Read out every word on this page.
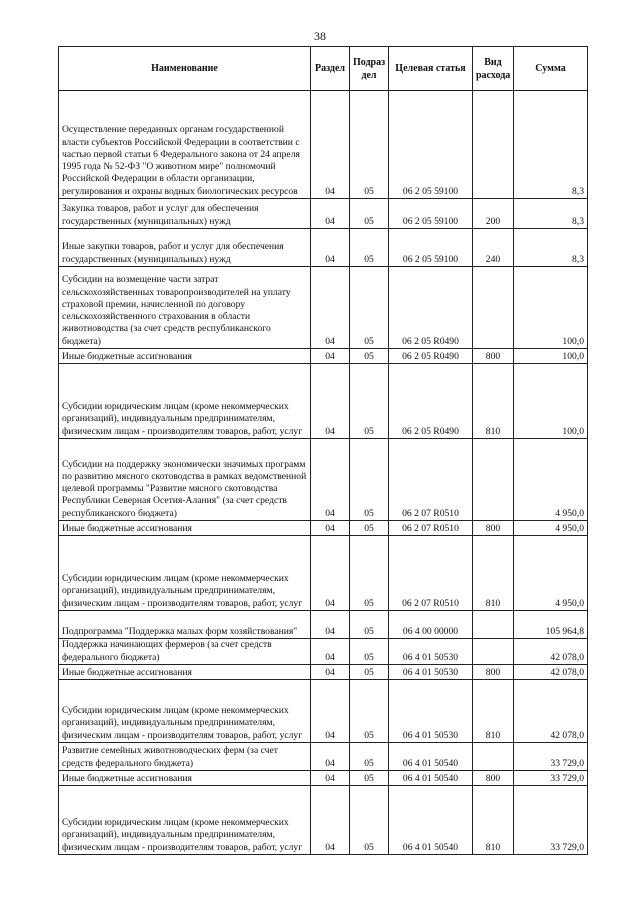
38
Наименование	Раздел	Подраз дел	Целевая статья	Вид расхода	Сумма
Осуществление переданных органам государственной власти субъектов Российской Федерации в соответствии с частью первой статьи 6 Федерального закона от 24 апреля 1995 года № 52-ФЗ "О животном мире" полномочий Российской Федерации в области организации, регулирования и охраны водных биологических ресурсов	04	05	06 2 05 59100		8,3
Закупка товаров, работ и услуг для обеспечения государственных (муниципальных) нужд	04	05	06 2 05 59100	200	8,3
Иные закупки товаров, работ и услуг для обеспечения государственных (муниципальных) нужд	04	05	06 2 05 59100	240	8,3
Субсидии на возмещение части затрат сельскохозяйственных товаропроизводителей на уплату страховой премии, начисленной по договору сельскохозяйственного страхования в области животноводства (за счет средств республиканского бюджета)	04	05	06 2 05 R0490		100,0
Иные бюджетные ассигнования	04	05	06 2 05 R0490	800	100,0
Субсидии юридическим лицам (кроме некоммерческих организаций), индивидуальным предпринимателям, физическим лицам - производителям товаров, работ, услуг	04	05	06 2 05 R0490	810	100,0
Субсидии на поддержку экономически значимых программ по развитию мясного скотоводства в рамках ведомственной целевой программы "Развитие мясного скотоводства Республики Северная Осетия-Алания" (за счет средств республиканского бюджета)	04	05	06 2 07 R0510		4 950,0
Иные бюджетные ассигнования	04	05	06 2 07 R0510	800	4 950,0
Субсидии юридическим лицам (кроме некоммерческих организаций), индивидуальным предпринимателям, физическим лицам - производителям товаров, работ, услуг	04	05	06 2 07 R0510	810	4 950,0
Подпрограмма "Поддержка малых форм хозяйствования"	04	05	06 4 00 00000		105 964,8
Поддержка начинающих фермеров (за счет средств федерального бюджета)	04	05	06 4 01 50530		42 078,0
Иные бюджетные ассигнования	04	05	06 4 01 50530	800	42 078,0
Субсидии юридическим лицам (кроме некоммерческих организаций), индивидуальным предпринимателям, физическим лицам - производителям товаров, работ, услуг	04	05	06 4 01 50530	810	42 078,0
Развитие семейных животноводческих ферм (за счет средств федерального бюджета)	04	05	06 4 01 50540		33 729,0
Иные бюджетные ассигнования	04	05	06 4 01 50540	800	33 729,0
Субсидии юридическим лицам (кроме некоммерческих организаций), индивидуальным предпринимателям, физическим лицам - производителям товаров, работ, услуг	04	05	06 4 01 50540	810	33 729,0
